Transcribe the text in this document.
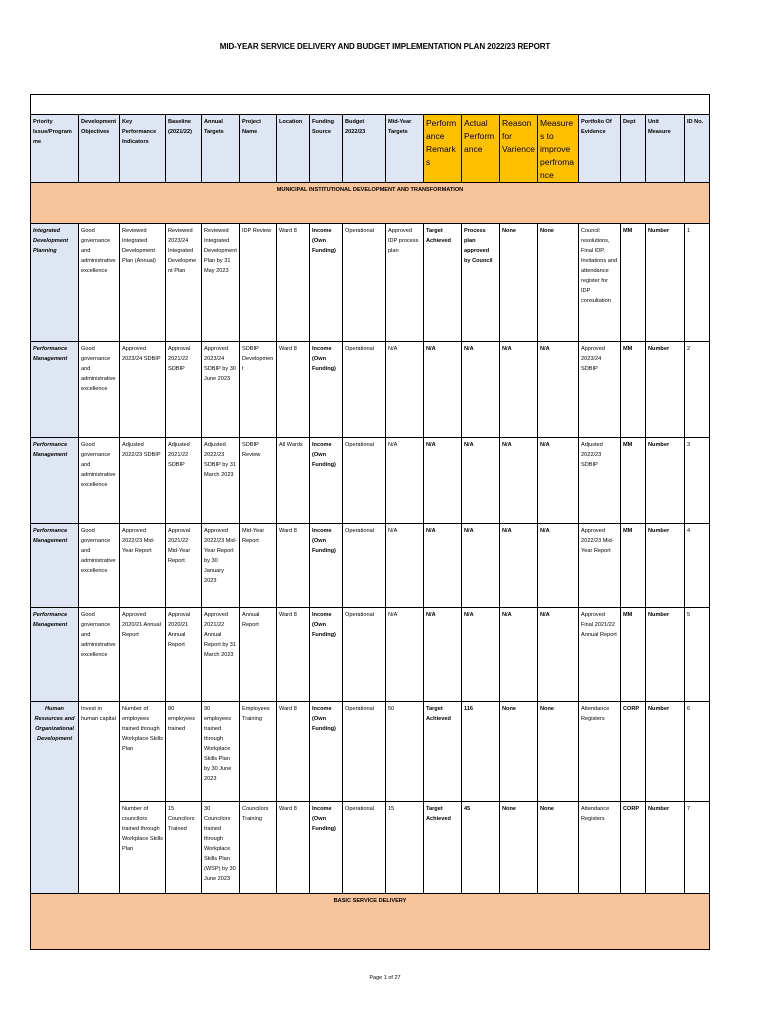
MID-YEAR SERVICE DELIVERY AND BUDGET IMPLEMENTATION PLAN 2022/23 REPORT
Priority Issue/Programme	Development Objectives	Key Performance Indicators	Baseline (2021/22)	Annual Targets	Project Name	Location	Funding Source	Budget 2022/23	Mid-Year Targets	Performance Remarks	Actual Performance	Reason for Varience	Measures to improve perfromance	Portfolio Of Evidence	Dept	Unit Measure	ID No.
MUNICIPAL INSTITUTIONAL DEVELOPMENT AND TRANSFORMATION																	
Integrated Development Planning	Good governance and administrative excellence	Reviewed Integrated Development Plan (Annual)	Reviewed 2023/24 Integrated Development Plan	Reviewed Integrated Development Plan by 31 May 2023	IDP Review	Ward 8	Income (Own Funding)	Operational	Approved IDP process plan	Target Achieved	Process plan approved by Council	None	None	Council resolutions, Final IDP, Invitations and attendance register for IDP consultation	MM	Number	1
Performance Management	Good governance and administrative excellence	Approved 2023/24 SDBIP	Approval 2021/22 SDBIP	Approved 2023/24 SDBIP by 30 June 2023	SDBIP Development	Ward 8	Income (Own Funding)	Operational	N/A	N/A	N/A	N/A	N/A	Approved 2023/24 SDBIP	MM	Number	2
Performance Management	Good governance and administrative excellence	Adjusted 2022/23 SDBIP	Adjusted 2021/22 SDBIP	Adjusted 2022/23 SDBIP by 31 March 2023	SDBIP Review	All Wards	Income (Own Funding)	Operational	N/A	N/A	N/A	N/A	N/A	Adjusted 2022/23 SDBIP	MM	Number	3
Performance Management	Good governance and administrative excellence	Approved 2022/23 Mid-Year Report	Approval 2021/22 Mid-Year Report	Approved 2022/23 Mid-Year Report by 30 January 2023	Mid-Year Report	Ward 8	Income (Own Funding)	Operational	N/A	N/A	N/A	N/A	N/A	Approved 2022/23 Mid-Year Report	MM	Number	4
Performance Management	Good governance and administrative excellence	Approved 2020/21 Annual Report	Approval 2020/21 Annual Report	Approved 2021/22 Annual Report by 31 March 2023	Annual Report	Ward 8	Income (Own Funding)	Operational	N/A	N/A	N/A	N/A	N/A	Approved Final 2021/22 Annual Report	MM	Number	5
Human Resources and Organizational Development	Invest in human capital	Number of employees trained through Workplace Skills Plan	80 employees trained	90 employees trained through Workplace Skills Plan by 30 June 2023	Employees Training	Ward 8	Income (Own Funding)	Operational	50	Target Achieved	116	None	None	Attendance Registers	CORP	Number	6
		Number of councilors trained through Workplace Skills Plan	15 Councilors Trained	30 Councilors trained through Workplace Skills Plan (WSP) by 30 June 2023	Councilors Training	Ward 8	Income (Own Funding)	Operational	15	Target Achieved	45	None	None	Attendance Registers	CORP	Number	7
BASIC SERVICE DELIVERY																	
Page 1 of 27
